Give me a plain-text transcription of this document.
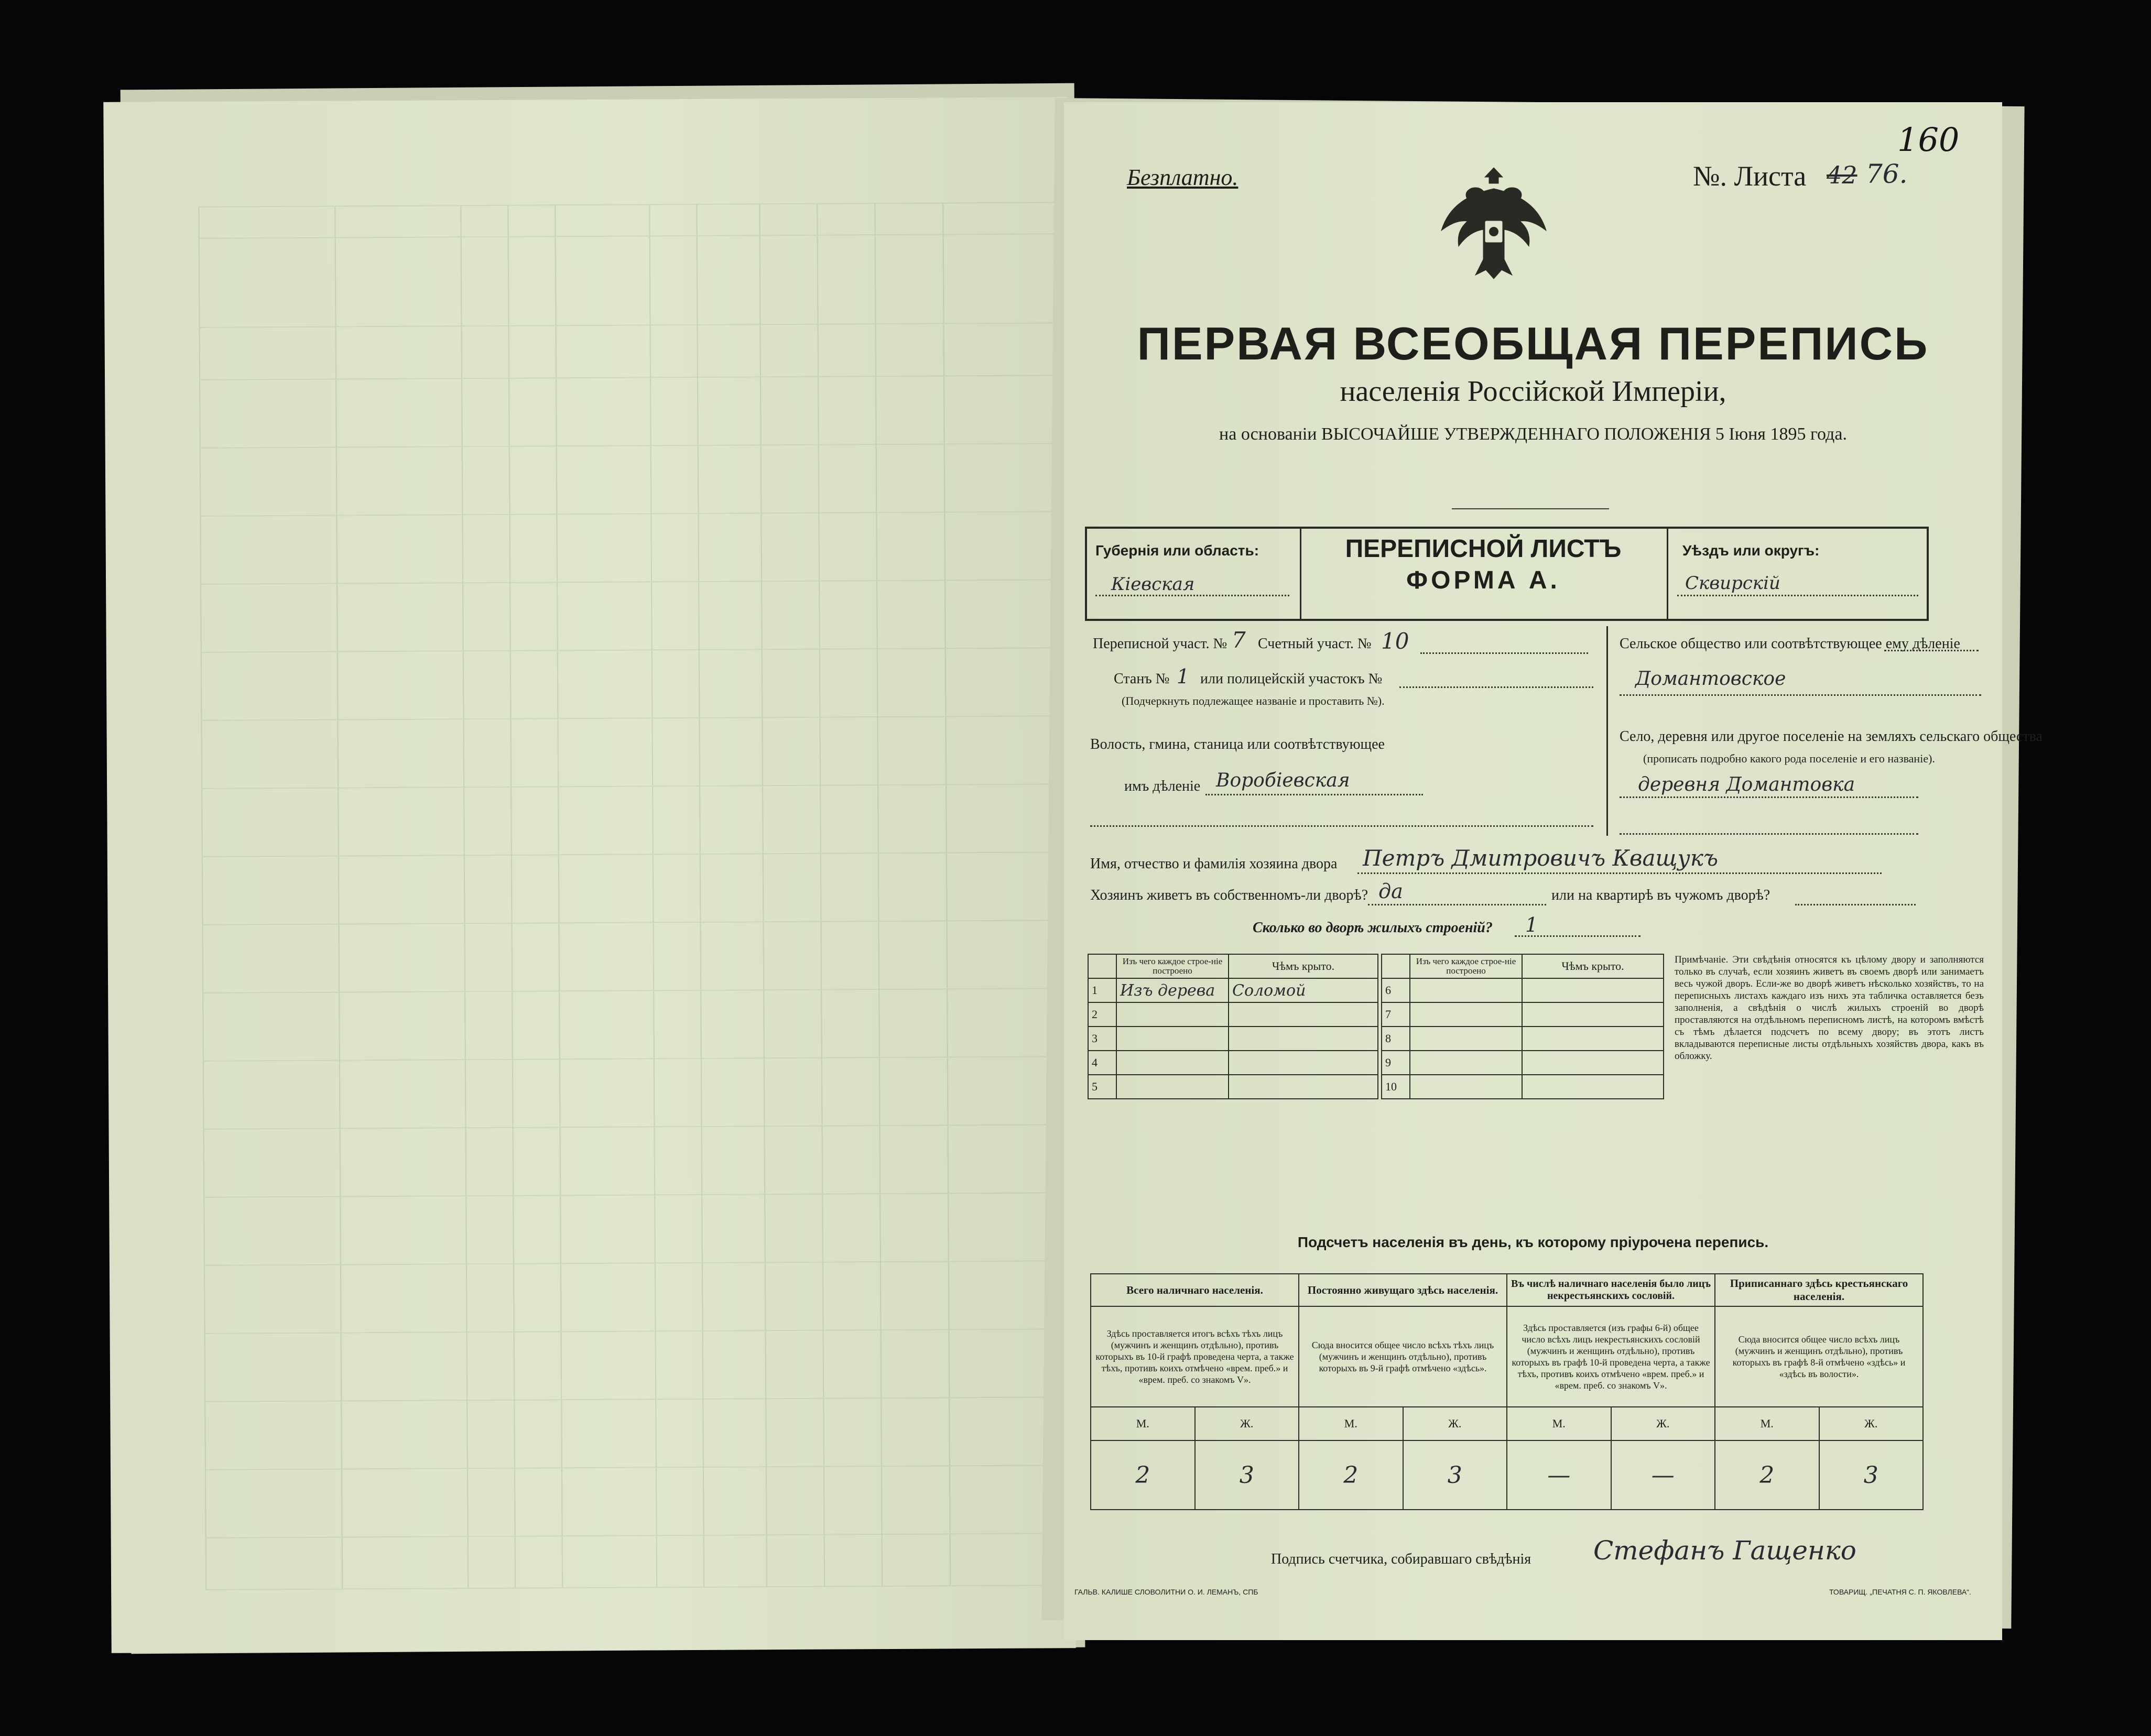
Безплатно.	№. Листа 42 76.
160
ПЕРВАЯ ВСЕОБЩАЯ ПЕРЕПИСЬ
населенія Россійской Имперіи,
на основаніи ВЫСОЧАЙШЕ УТВЕРЖДЕННАГО ПОЛОЖЕНІЯ 5 Іюня 1895 года.
Губернія или область:
Кіевская
ПЕРЕПИСНОЙ ЛИСТЪ
ФОРМА А.
Уѣздъ или округъ:
Сквирскій
Переписной участ. № 7 Счетный участ. № 10
Станъ № 1 или полицейскій участокъ №
(Подчеркнуть подлежащее названіе и проставить №).
Волость, гмина, станица или соотвѣтствующее
имъ дѣленіе Воробіевская
Сельское общество или соотвѣтствующее ему дѣленіе
Домантовское
Село, деревня или другое поселеніе на земляхъ сельскаго общества
(прописать подробно какого рода поселеніе и его названіе).
деревня Домантовка
Имя, отчество и фамилія хозяина двора Петръ Дмитровичъ Кващукъ
Хозяинъ живетъ въ собственномъ-ли дворѣ? да	или на квартирѣ въ чужомъ дворѣ?
Сколько во дворѣ жилыхъ строеній? 1
	Изъ чего каждое строе-ніе построено	Чѣмъ крыто.
1	Изъ дерева	Соломой
2		
3		
4		
5		
	Изъ чего каждое строе-ніе построено	Чѣмъ крыто.
6		
7		
8		
9		
10		
Примѣчаніе. Эти свѣдѣнія относятся къ цѣлому двору и заполняются только въ случаѣ, если хозяинъ живетъ въ своемъ дворѣ или занимаетъ весь чужой дворъ. Если-же во дворѣ живетъ нѣсколько хозяйствъ, то на переписныхъ листахъ каждаго изъ нихъ эта табличка оставляется безъ заполненія, а свѣдѣнія о числѣ жилыхъ строеній во дворѣ проставляются на отдѣльномъ переписномъ листѣ, на которомъ вмѣстѣ съ тѣмъ дѣлается подсчетъ по всему двору; въ этотъ листъ вкладываются переписные листы отдѣльныхъ хозяйствъ двора, какъ въ обложку.
Подсчетъ населенія въ день, къ которому пріурочена перепись.
Всего наличнаго населенія.		Постоянно живущаго здѣсь населенія.		Въ числѣ наличнаго населенія было лицъ некрестьянскихъ сословій.		Приписаннаго здѣсь крестьянскаго населенія.	
Здѣсь проставляется итогъ всѣхъ тѣхъ лицъ (мужчинъ и женщинъ отдѣльно), противъ которыхъ въ 10-й графѣ проведена черта, а также тѣхъ, противъ коихъ отмѣчено «врем. преб.» и «врем. преб. со знакомъ V».		Сюда вносится общее число всѣхъ тѣхъ лицъ (мужчинъ и женщинъ отдѣльно), противъ которыхъ въ 9-й графѣ отмѣчено «здѣсь».		Здѣсь проставляется (изъ графы 6-й) общее число всѣхъ лицъ некрестьянскихъ сословій (мужчинъ и женщинъ отдѣльно), противъ которыхъ въ графѣ 10-й проведена черта, а также тѣхъ, противъ коихъ отмѣчено «врем. преб.» и «врем. преб. со знакомъ V».		Сюда вносится общее число всѣхъ лицъ (мужчинъ и женщинъ отдѣльно), противъ которыхъ въ графѣ 8-й отмѣчено «здѣсь» и «здѣсь въ волости».	
М.	Ж.	М.	Ж.	М.	Ж.	М.	Ж.
2	3	2	3	—	—	2	3
Подпись счетчика, собиравшаго свѣдѣнія Стефанъ Гащенко
ГАЛЬВ. КАЛИШЕ СЛОВОЛИТНИ О. И. ЛЕМАНЪ, СПБ	ТОВАРИЩ. „ПЕЧАТНЯ С. П. ЯКОВЛЕВА“.
